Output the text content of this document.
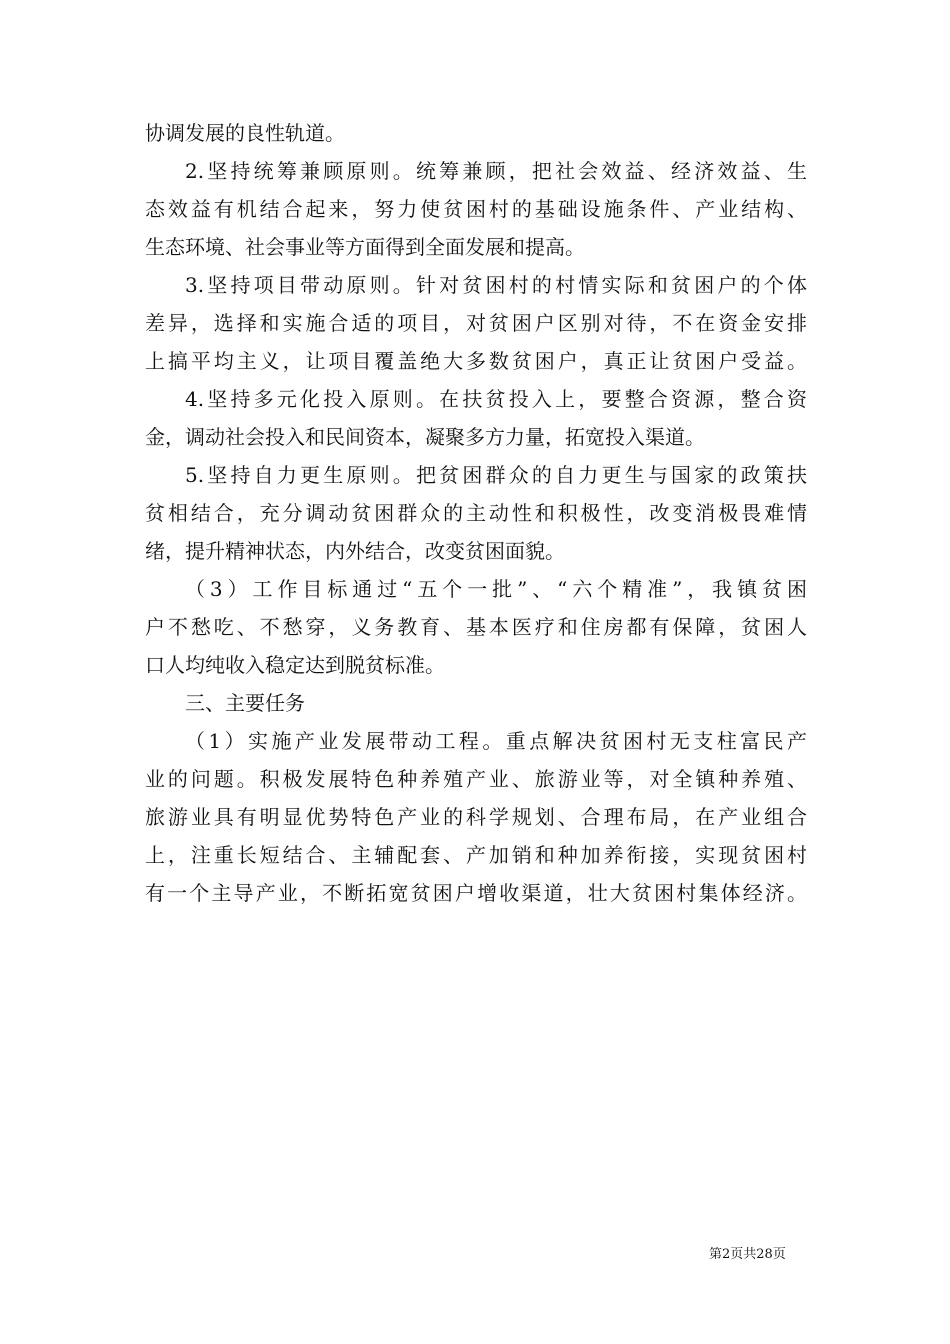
协调发展的良性轨道。
2.坚持统筹兼顾原则。统筹兼顾，把社会效益、经济效益、生
态效益有机结合起来，努力使贫困村的基础设施条件、产业结构、
生态环境、社会事业等方面得到全面发展和提高。
3.坚持项目带动原则。针对贫困村的村情实际和贫困户的个体
差异，选择和实施合适的项目，对贫困户区别对待，不在资金安排
上搞平均主义，让项目覆盖绝大多数贫困户，真正让贫困户受益。
4.坚持多元化投入原则。在扶贫投入上，要整合资源，整合资
金，调动社会投入和民间资本，凝聚多方力量，拓宽投入渠道。
5.坚持自力更生原则。把贫困群众的自力更生与国家的政策扶
贫相结合，充分调动贫困群众的主动性和积极性，改变消极畏难情
绪，提升精神状态，内外结合，改变贫困面貌。
（3）工作目标通过“五个一批”、“六个精准”，我镇贫困
户不愁吃、不愁穿，义务教育、基本医疗和住房都有保障，贫困人
口人均纯收入稳定达到脱贫标准。
三、主要任务
（1）实施产业发展带动工程。重点解决贫困村无支柱富民产
业的问题。积极发展特色种养殖产业、旅游业等，对全镇种养殖、
旅游业具有明显优势特色产业的科学规划、合理布局，在产业组合
上，注重长短结合、主辅配套、产加销和种加养衔接，实现贫困村
有一个主导产业，不断拓宽贫困户增收渠道，壮大贫困村集体经济。
第2页共28页
